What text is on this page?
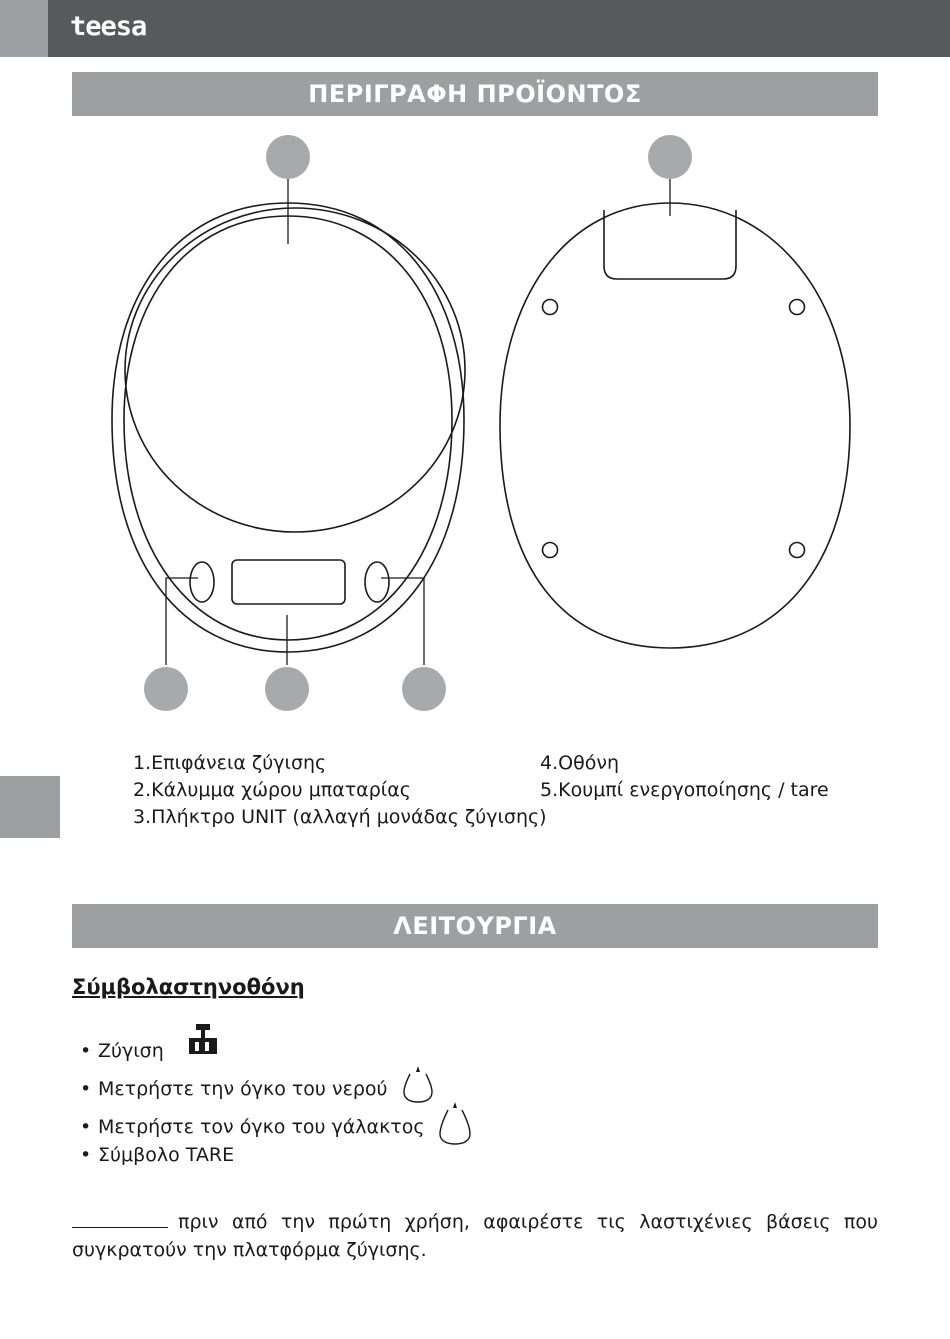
teesa
ΠΕΡΙΓΡΑΦΗ ΠΡΟΪΟΝΤΟΣ
1.Επιφάνεια ζύγισης
2.Κάλυμμα χώρου μπαταρίας
3.Πλήκτρο UNIT (αλλαγή μονάδας ζύγισης)
4.Οθόνη
5.Κουμπί ενεργοποίησης / tare
ΛΕΙΤΟΥΡΓΙΑ
Σύμβολαστηνοθόνη
• Ζύγιση
• Μετρήστε την όγκο του νερού
• Μετρήστε τον όγκο του γάλακτος
• Σύμβολο TARE
πριν από την πρώτη χρήση, αφαιρέστε τις λαστιχένιες βάσεις που συγκρατούν την πλατφόρμα ζύγισης.
